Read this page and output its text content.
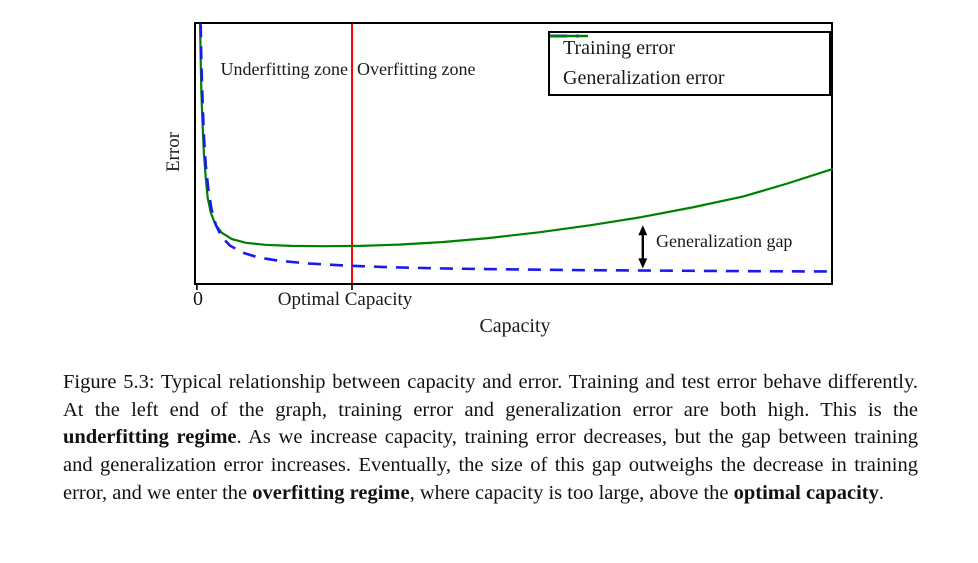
Error
Underfitting zone Overfitting zone
Training error
Generalization error
0	Optimal Capacity
Capacity
Generalization gap

Figure 5.3: Typical relationship between capacity and error. Training and test error behave differently. At the left end of the graph, training error and generalization error are both high. This is the underfitting regime. As we increase capacity, training error decreases, but the gap between training and generalization error increases. Eventually, the size of this gap outweighs the decrease in training error, and we enter the overfitting regime, where capacity is too large, above the optimal capacity.
